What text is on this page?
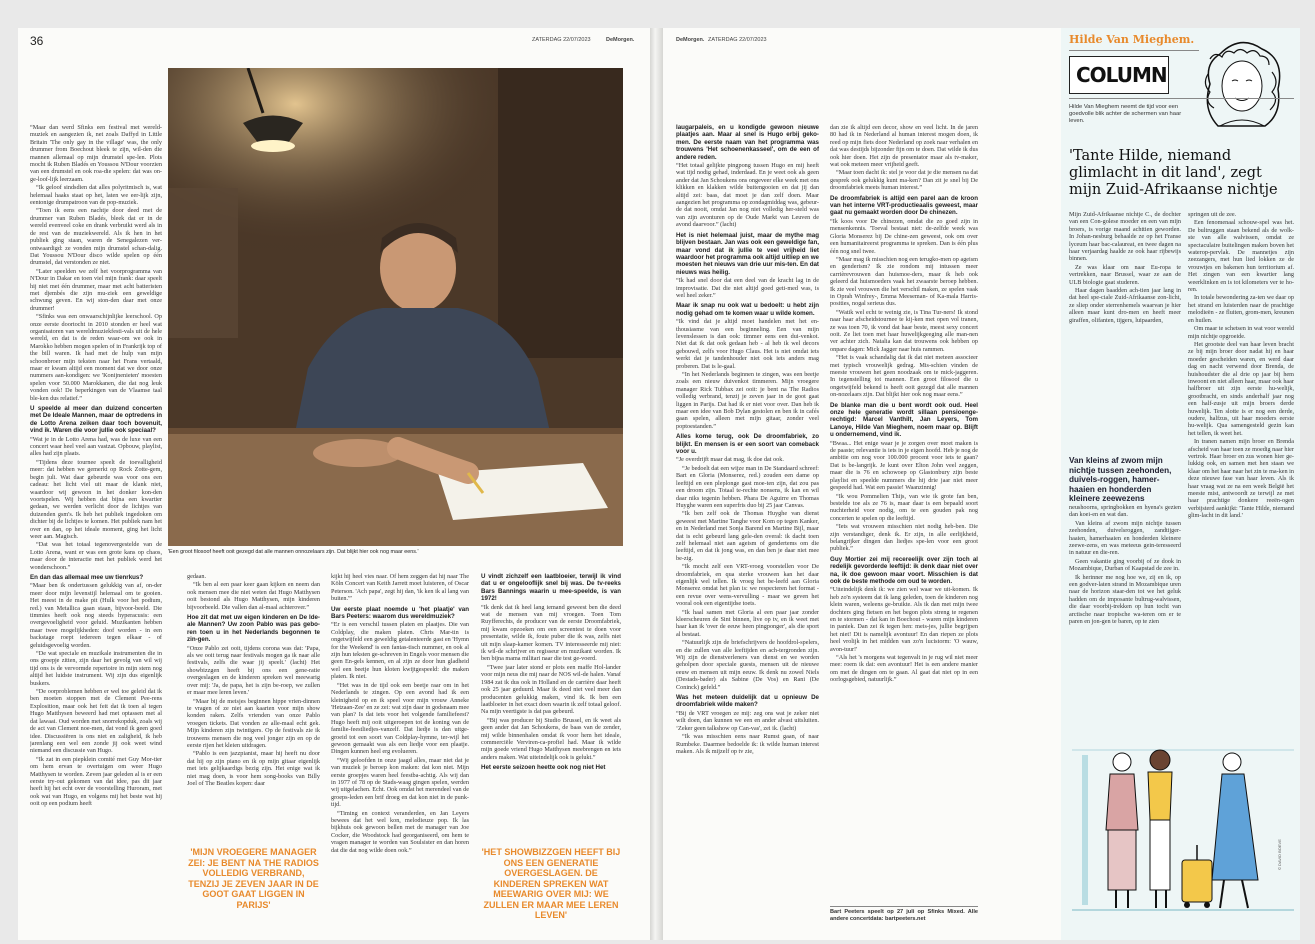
36	ZATERDAG 22/07/2023	DeMorgen.

“Maar dan werd Sfinks een festival met wereld-muziek en aangezien ik, net zoals Daffyd in Little Britain 'The only gay in the village' was, the only drummer from Boechout bleek te zijn, wil-den die mannen allemaal op mijn drumstel spe-len. Plots mocht ik Ruben Bladés en Youssou N'Dour voorzien van een drumstel en ook roa-die spelen: dat was on-ge-loof-lijk leerzaam.

“Ik geloof sindsdien dat alles polyritmisch is, wat helemaal haaks staat op het, laten we eer-lijk zijn, eentonige drumpatroon van de pop-muziek.

“Toen ik eens een nachtje door deed met de drummer van Ruben Bladés, bleek dat er in de wereld evenveel coke en drank verbruikt werd als in de rest van de muziekwereld. Als ik hen in het publiek ging staan, waren de Senegalezen ver-ontwaardigd: ze vonden mijn drumstel schan-dalig. Dat Youssou N'Dour disco wilde spelen op één drumstel, dat verstonden ze niet.

“Later speelden we zelf het voorprogramma van N'Dour in Dakar en toen viel mijn frank: daar speelt hij niet met één drummer, maar met acht batteristen met djembés die zijn mu-ziek een geweldige schwung geven. En wij ston-den daar met onze drummer!

“Sfinks was een onwaarschijnlijke leerschool. Op onze eerste doortocht in 2010 stonden er heel wat organisatoren van wereldmuziekfesti-vals uit de hele wereld, en dat is de reden waar-om we ook in Marokko hebben mogen spelen of in Frankrijk top of the bill waren. Ik had met de hulp van mijn schoonbroer mijn teksten naar het Frans vertaald, maar er kwam altijd een moment dat we door onze nummers aan-kondigen: we 'Konijnenieten' moesten spelen voor 50.000 Marokkanen, die dat nog leuk vonden ook! De beperkingen van de Vlaamse taal ble-ken dus relatief.”

U speelde al meer dan duizend concerten met De Ideale Mannen, maar de optredens in de Lotto Arena zeiken daar toch bovenuit, vind ik. Waren die voor jullie ook speciaal?

“Wat je in de Lotto Arena had, was de luxe van een concert waar heel veel aan vastzat. Opbouw, playlist, alles had zijn plaats.

“Tijdens deze tournee speelt de toevalligheid meer: dat hebben we gemerkt op Rock Zotte-gem, begin juli. Wat daar gebeurde was voor ons een cadeau: het licht viel uit maar de klank niet, waardoor wij gewoon in het donker kon-den voortspelen. Wij hebben dat bijna een kwartier gedaan, we werden verlicht door de lichtjes van duizenden gsm's. Ik heb het publiek ingedoken om dichter bij de lichtjes te komen. Het publiek nam het over en dan, op het ideale moment, ging het licht weer aan. Magisch.

“Dat was het totaal tegenovergestelde van de Lotto Arena, want er was een grote kans op chaos, maar door de interactie met het publiek werd het wonderschoon.”

En dan das allemaal mee uw tienrkus?

“Maar ben ik ondertussen gelukkig van af, on-der meer door mijn levenstijl helemaal om te gooien. Het meest in de make pit (Hulk voor het podium, red.) van Metallica gaan staan, bijvoor-beeld. Die timmies heeft ook nog steeds hyperacusis: een overgevoeligheid voor geluid. Muzikanten hebben maar twee mogelijkheden: doof worden - in een backstage roept iedereen tegen elkaar - of geluidsgevoelig worden.

“De wat speciale en muzikale instrumenten die in ons groepje zitten, zijn daar het gevolg van wil wij tijd ons is de vervormde repertoire in mijn stem nog altijd het luidste instrument. Wij zijn dus eigenlijk buskers.

“De oorproblemen hebben er wel toe geleid dat ik ben moeten stoppen met de Clement Pee-rens Explosition, maar ook het feit dat ik toen al tegen Hugo Matthysen beweerd had met optassen met al dat lawaai. Oud worden met snorrekopduk, zoals wij de act van Clement noe-men, dat vond ik geen goed idee. Discussiëren is ons niet en zaligheid, ik heb jarenlang een wel een zonde jij ook weet wind niemand een discussie van Hugo.

“Ik zat in een piepklein comité met Guy Mor-tier om hem ervan te overtuigen om weer Hugo Matthysen te worden. Zeven jaar geleden al is er een eerste try-out gekomen van dat idee, pas dit jaar heeft hij het echt over de voorstelling Huroram, met ook wat van Hugo, en volgens mij het beste wat hij ooit op een podium heeft

'Een groot filosoof heeft ooit gezegd dat alle mannen onnozelaars zijn. Dat blijkt hier ook nog maar eens.'

gedaan.

“Ik ben al een paar keer gaan kijken en neem dan ook mensen mee die niet weten dat Hugo Matthysen ooit bestond als Hugo Matthysen, mijn kinderen bijvoorbeeld. Die vallen dan al-maal achterover.”

Hoe zit dat met uw eigen kinderen en De Ide-ale Mannen? Uw zoon Pablo was pas gebo-ren toen u in het Nederlands begonnen te zin-gen.

“Onze Pablo zei ooit, tijdens corona was dat: 'Papa, als we ooit terug naar festivals mogen ga ik naar alle festivals, zelfs die waar jij speelt.' (lacht) Het showbizzgen heeft bij ons een gene-ratie overgeslagen en de kinderen spreken wel meewarig over mij: 'Ja, de papa, het is zijn be-roep, we zullen er maar mee leren leven.'

“Maar bij de meisjes beginnen hippe vrien-dinnen te vragen of ze niet aan kaarten voor mijn show konden raken. Zelfs vrienden van onze Pablo vroegen tickets. Dat vonden ze alle-maal echt gek. Mijn kinderen zijn twintigers. Op de festivals zie ik trouwens mensen die nog veel jonger zijn en op de eerste rijen het kleien uitdragen.

“Pablo is een jazzpianist, maar hij heeft nu door dat hij op zijn piano en ik op mijn gitaar eigenlijk met iets gelijkaardigs bezig zijn. Het enige wat ik niet mag doen, is voor hem song-books van Billy Joel of The Beatles kopen: daar

'MIJN VROEGERE MANAGER ZEI: JE BENT NA THE RADIOS VOLLEDIG VERBRAND, TENZIJ JE ZEVEN JAAR IN DE GOOT GAAT LIGGEN IN PARIJS'

kijkt hij heel vies naar. Of hem zeggen dat hij naar The Köln Concert van Keith Jarrett moet luisteren, of Oscar Peterson. 'Ach papa', zegt hij dan, 'ik ken ik al lang van buiten.'”

Uw eerste plaat noemde u 'het plaatje' van Bars Peeters: waarom dus wereldmuziek?

“Er is een verschil tussen platen en plaatjes. Die van Coldplay, die maken platen. Chris Mar-tin is ongetwijfeld een geweldig getalenteerde gast en 'Hymn for the Weekend' is een fantas-tisch nummer, en ook al zijn hun teksten ge-schreven in Engels voor mensen die geen En-gels kennen, en al zijn ze door hun gladheid wel een beetje hun kloten kwijtgespeeld: die maken platen. Ik niet.

“Het was in de tijd ook een beetje raar om in het Nederlands te zingen. Op een avond had ik een kleinigheid op en ik speel voor mijn vrouw Anneke 'Hetzaan-Zee' en ze zei: wat zijn daar in godsnaam mee van plan? Is dat iets voor het volgende familiefeest? Hugo heeft mij ooit uitgeroepen tot de koning van de familie-feestliedjes-vanzelf. Dat liedje is dan uitge-groeid tot een soort van Coldplay-hymne, ter-wijl het gewoon gemaakt was als een liedje voor een plaatje. Dingen kunnen heel erg evolueren.

“Wij geloofden in onze jaagd alles, maar niet dat je van muziek je beroep kon maken: dat kon niet. Mijn eerste groepjes waren heel feestba-achtig. Als wij dan in 1977 of 78 op de Stads-waag gingen spelen, werden wij uitgelachen. Echt. Ook omdat het merendeel van de groeps-leden een brif droeg en dat kon niet in de punk-tijd.

“Timing en context veranderden, en Jan Leyers bewees dat het wel kon, melodieuze pop. Ik las bijkhuis ook gewoon bellen met de manager van Joe Cocker, die Woodstock had georganiseerd, om hem te vragen manager te worden van Soulsister en dan horen dat die dat nog wilde doen ook.”

U vindt zichzelf een laatbloeier, terwijl ik vind dat u er ongelooflijk snel bij was. De tv-reeks Bars Bannings waarin u mee-speelde, is van 1972!

“Ik denk dat ik heel lang iemand geweest ben die deed wat de mensen van mij vroegen. Toen Tom Ruyfferechts, de producer van de eerste Droomfabriek, mij kwam opzoeken om een screentest te doen voor presentatie, wilde ik, foute puber die ik was, zelfs niet uit mijn slaap-kamer komen. TV interesseerde mij niet: ik wil-de schrijver en regisseur en muzikant worden. Ik ben bijna mama militari naar die test ge-voerd.

“Twee jaar later stond er plots een maffe Hol-lander voor mijn neus die mij naar de NOS wil-de halen. Vanaf 1984 zat ik dus ook in Holland en de carrière daar heeft ook 25 jaar geduurd. Maar ik deed niet veel meer dan producenten gelukkig maken, vind ik. Ik ben een laatbloeier in het exact doen waarin ik zelf totaal geloof. Na mijn veertigste is dat pas gebeurd.

“Bij was producer bij Studio Brussel, en ik weet als geen ander dat Jan Schoukens, de baas van de zender, mij wilde binnenhalen omdat ik voor hem het ideale, commerciële Verviren-ca-profiel had. Maar ik wilde mijn goede vriend Hugo Matthysen meebrengen en iets anders maken. Wat uiteindelijk ook is gelukt.”

Het eerste seizoen heette ook nog niet Het

'HET SHOWBIZZGEN HEEFT BIJ ONS EEN GENERATIE OVERGESLAGEN. DE KINDEREN SPREKEN WAT MEEWARIG OVER MIJ: WE ZULLEN ER MAAR MEE LEREN LEVEN'
DeMorgen. ZATERDAG 22/07/2023

laugarpaleis, en u kondigde gewoon nieuwe plaatjes aan. Maar al snel is Hugo erbij geko-men. De eerste naam van het programma was trouwens 'Het schoenenkasseel', om de een of andere reden.

“Het totaal gelijkte pingpong tussen Hugo en mij heeft wat tijd nodig gehad, inderdaad. En je weet ook als geen ander dat Jan Schoukens ons ongeveer elke week met ons klikken en klakken wilde buitengooien en dat jij dan altijd zei: baas, dat moet je dan zelf doen. Maar aangezien het programma op zondagmiddag was, gebeur-de dat nooit, omdat Jan nog niet volledig her-steld was van zijn avonturen op de Oude Markt van Leuven de avond daarvoor.” (lacht)

Het is niet helemaal juist, maar de mythe mag blijven bestaan. Jan was ook een geweldige fan, maar vond dat ik jullie te veel vrijheid liet waardoor het programma ook altijd uitliep en we moesten het nieuws van drie uur mis-ten. En dat nieuws was heilig.

“Ik had snel door dat een deel van de kracht lag in de improvisatie. Dat die niet altijd goed geti-med was, is wel heel zeker.”

Maar ik snap nu ook wat u bedoelt: u hebt zijn nodig gehad om te komen waar u wilde komen.

“Ik vind dat je altijd moet handelen met het en-thousiasme van een beginneling. Een van mijn levenslessen is dan ook: timmer eens een dui-venkot. Niet dat ik dat ook gedaan heb - al heb ik wel decors gebouwd, zelfs voor Hugo Claus. Het is niet omdat iets werkt dat je tandenhouder niet ook iets anders mag proberen. Dat is le-gaal.

“In het Nederlands beginnen te zingen, was een beetje zoals een nieuw duivenkot timmeren. Mijn vroegere manager Rick Tubbax zei ooit: je bent na The Radios volledig verbrand, tenzij je zeven jaar in de goot gaat liggen in Parijs. Dat had ik er niet voor over. Dan heb ik maar een idee van Bob Dylan gestolen en ben ik in cafés gaan spelen, alleen met mijn gitaar, zonder veel poptoestanden.”

Alles kome terug, ook De droomfabriek, zo blijkt. En mensen is er een soort van comeback voor u.

“Je overdrijft maar dat mag, ik doe dat ook.

“Je bedoelt dat een wijze man in De Standaard schreef: Bart en Gloria (Monserez, red.) zouden een dame op leeftijd en een pleplonge gast moe-ten zijn, dat zou pas een droom zijn. Totaal te-rechte nonsens, ik kan en wil daar niks tegenin hebben. Phara De Aguirre en Thomas Huyghe waren een superfris duo bij 25 jaar Canvas.

“Ik ben zelf ook de Thomas Huyghe van dienst geweest met Martine Tanghe voor Kom op tegen Kanker, en in Nederland met Sonja Barend en Martine Bijl, maar dat is echt gebeurd lang gele-den overal: ik dacht toen zelf helemaal niet aan ageism of gendertems om die leeftijd, en dat ik jong was, en dan ben je daar niet mee be-zig.

“Ik mocht zelf een VRT-vroeg voorstellen voor De droomfabriek, en qua sterke vrouwen kan het daar eigenlijk wel tellen. Ik vroeg het be-leefd aan Gloria Monserez omdat het plan is: we respecteren het format - een revue over wens-vervulling - maar we geven het vooral ook een eigentijdse toets.

“Ik haal samen met Gloria al een paar jaar zonder kleerscheuren de Sint binnen, live op tv, en ik weet met haar kan ik 'over de eeuw heen pingponger', als die sport al bestaat.

“Natuurlijk zijn de briefschrijvers de hoofdrol-spelers, en die zullen van alle leeftijden en ach-tergronden zijn. Wij zijn de dienstverleners van dienst en we worden geholpen door speciale guests, mensen uit de nieuwe eeuw en mensen uit mijn eeuw. Ik denk nu zowel Niels (Destads-bader) als Sabine (De Vos) en Rani (De Coninck) gefeld.”

Was het meteen duidelijk dat u opnieuw De droomfabriek wilde maken?

“Bij de VRT vroegen ze mij: zeg ons wat je zeker niet wilt doen, dan kunnen we een en ander alvast uitsluiten. ‘Zeker geen talkshow op Can-vas', zei ik. (lacht)

“Ik was misschien eens naar Rumst gaan, of naar Rumbeke. Daarmee bedoelde ik: ik wilde human interest maken. Als ik mijzelf op tv zie,

dan zie ik altijd een decor, show en veel licht. In de jaren 80 had ik in Nederland al human interest mogen doen, ik reed op mijn fiets door Nederland op zoek naar verhalen en dat was destijds bijzonder fijn om te doen. Dat wilde ik dus ook hier doen. Het zijn de presentator maar als tv-maker, wat ook meteen meer vrijheid geeft.

“Maar toen dacht ik: stel je voor dat je die mensen na dat gesprek ook gelukkig kunt ma-ken? Dan zit je snel bij De droomfabriek meets human interest.”

De droomfabriek is altijd een parel aan de kroon van het interne VRT-productieaalis geweest, maar gaat nu gemaakt worden door De chinezen.

“Ik koos voor De chinezen, omdat die zo goed zijn in mensenkennis. 'Toeval bestaat niet: de-zelfde week was Gloria Monserez bij De chine-zen geweest, ook om over een humanitaireerst programma te spreken. Dan is één plus één nog snel twee.

“Maar mag ik misschien nog een terugko-men op ageism en genderism? Ik zie rondom mij intussen meer carrièrevrouwen dan huismoe-ders, maar ik heb ook geleerd dat huismoeders vaak het zwaarste beroep hebben. Ik zie veel vrouwen die het verschil maken, ze spelen vaak in Oprah Winfrey-, Emma Meeseman- of Ka-mala Harris-posities, nogal serieus dus.

“Watik wel echt te weinig zie, is Tina Tur-ners! Ik stond naar haar afscheidstournee te kij-ken met open vol tranen, ze was toen 70, ik vond dat haar beste, meest sexy concert ooit. Ze liet toen met haar huwelijkgeeging alle man-nen ver achter zich. Natalia kan dat trouwens ook hebben op onpare dagen: Mick Jagger naar huis rammen.

“Het is vaak schandalig dat ik dat niet meteen associeer met typisch vrouwelijk gedrag. Mis-schien vinden de meeste vrouwen het geen noodzaak om te mick-jaggeren. In tegenstelling tot mannen. Een groot filosoof die u ongetwijfeld bekend is heeft ooit gezegd dat alle mannen on-nozelaars zijn. Dat blijkt hier ook nog maar eens.”

De blanke man die u bent wordt ook oud. Heel onze hele generatie wordt sillaan pensioenge-rechtigd: Marcel Vanthilt, Jan Leyers, Tom Lanoye, Hilde Van Mieghem, noem maar op. Blijft u ondernemend, vind ik.

“Bwaa... Het enige waar je je zorgen over moet maken is de paaste; relevantie is iets in je eigen hoofd. Heb je nog de ambitie om nog voor 100.000 procent voor iets te gaan? Dat is be-langrijk. Je kunt over Elton John veel zeggen, maar die is 76 en schowoep op Glastonbury zijn beste playlist en speelde nummers die hij drie jaar niet meer gespeeld had. Wat een passie! Waanzinnig!

“Ik wou Pommelien Thijs, van wie ik grote fan ben, bestelde toe als ze 76 is, maar daar is een bepaald soort nuchterheid voor nodig, om te een gouden pak nog concerten te spelen op die leeftijd.

“Iets wat vrouwen misschien niet nodig heb-ben. Die zijn verstandiger, denk ik. Er zijn, in alle eerlijkheid, belangrijker dingen dan liedjes spe-len voor een groot publiek.”

Guy Mortier zei mij recereelijk over zijn toch al redelijk gevorderde leeftijd: ik denk daar niet over na, ik doe gewoon maar voort. Misschien is dat ook de beste methode om oud te worden.

“Uiteindelijk denk ik: we zien wel waar we uit-komen. Ik heb zo'n systeem dat ik lang geleden, toen de kinderen nog klein waren, weleens ge-bruikte. Als ik dan met mijn twee dochters ging fietsen en het begon plots streng te regenen en te stormen - dat kan in Boechout - waren mijn kinderen in paniek. Dan zei ik tegen hen: meis-jes, jullie begrijpen het niet! Dit is namelijk avontuur! En dan riepen ze plots heel vrolijk in het midden van zo'n lucistorm: 'O wauw, avon-tuur!'

“Als het 's morgens wat tegenvalt in je rug wil niet meer mee: roem ik dat: een avontuur! Het is een andere manier om met de dingen om te gaan. Al gaat dat niet op in een oorlogsgebied, natuurlijk.”

Bart Peeters speelt op 27 juli op Sfinks Mixed. Alle andere concertdata: bartpeeters.net

Hilde Van Mieghem.
COLUMN
Hilde Van Mieghem neemt de tijd voor een goedvolle blik achter de schermen van haar leven.
'Tante Hilde, niemand glimlacht in dit land', zegt mijn Zuid-Afrikaanse nichtje

Mijn Zuid-Afrikaanse nichtje C., de dochter van een Con-golese moeder en een van mijn broers, is vorige maand achttien geworden. In Johan-nesburg behaalde ze op het Franse lyceum haar bac-calaureat, en twee dagen na haar verjaardag haalde ze ook haar rijbewijs binnen.

Ze was klaar om naar Eu-ropa te vertrekken, naar Brussel, waar ze aan de ULB biologie gaat studeren.

Haar dagen baadden ach-tien jaar lang in dat heel spe-ciale Zuid-Afrikaanse zon-licht, ze sliep onder sterrenhemels waarvan je hier alleen maar kunt dro-men en heeft meer giraffen, olifanten, tijgers, luipaarden,

Van kleins af zwom mijn nichtje tussen zeehonden, duivels-roggen, hamer-haaien en honderden kleinere zeewezens

neushoorns, springbokken en hyena's gezien dan koei-en en wat dan.

Van kleins af zwom mijn nichtje tussen zeehonden, duivelsroggen, zandtijger-haaien, hamerhaaien en honderden kleinere zeewe-zens, en was meteeus gein-teresseerd in natuur en die-ren.

Geen vakantie ging voorbij of ze dook in Mozambique, Durban of Kaapstad de zee in.

Ik herinner me nog hoe we, zij en ik, op een godver-laten strand in Mozambique uren naar de horizon staar-den tot we het geluk hadden om de imposante bultrug-walvissen, die daar voorbij-trekken op hun tocht van arctische naar tropische wa-teren om er te paren en jon-gen te baren, op te zien

springen uit de zee.

Een fenomenaal schouw-spel was het. De bultruggen staan bekend als de wolk-ste van alle walvissen, omdat ze spectaculaire buitelingen maken boven het waterop-pervlak. De mannetjes zijn zeezangers, met hun lied lokken ze de vrouwtjes en bakenen hun territorium af. Het zingen van een kwartier lang weerklinken en is tot kilometers ver te ho-ren.

In totale bewondering za-ten we daar op het strand en luisterden naar de prachtige melodieën - ze fluiten, grom-men, kreunen en huilen.

Om maar te schetsen in wat voor wereld mijn nichtje opgroeide.

Het grootste deel van haar leven bracht ze bij mijn broer door nadat hij en haar moeder gescheiden waren, en werd daar dag en nacht verwend door Brenda, de huishoudster die al drie op jaar bij hem inwoont en niet alleen haar, maar ook haar halfbroer uit zijn eerste hu-welijk, grootbracht, en sinds anderhalf jaar nog een half-zusje uit mijn broers derde huwelijk. Ten slotte is er nog een derde, oudere, halfzus, uit haar moeders eerste hu-welijk. Qua samengesteld gezin kan het tellen, ik weet het.

In tranen namen mijn broer en Brenda afscheid van haar toen ze moedig naar hier vertrok. Haar broer en zus wonen hier ge-lukkig ook, en samen met hen staan we klaar om het haar naar het zin te ma-ken in deze nieuwe fase van haar leven. Als ik haar vraag wat ze na een week België het meeste mist, antwoordt ze terwijl ze met haar prachtige donkere reeën-ogen verbijsterd aankijkt: 'Tante Hilde, niemand glim-lacht in dit land.'

© DAVID BOEVE
